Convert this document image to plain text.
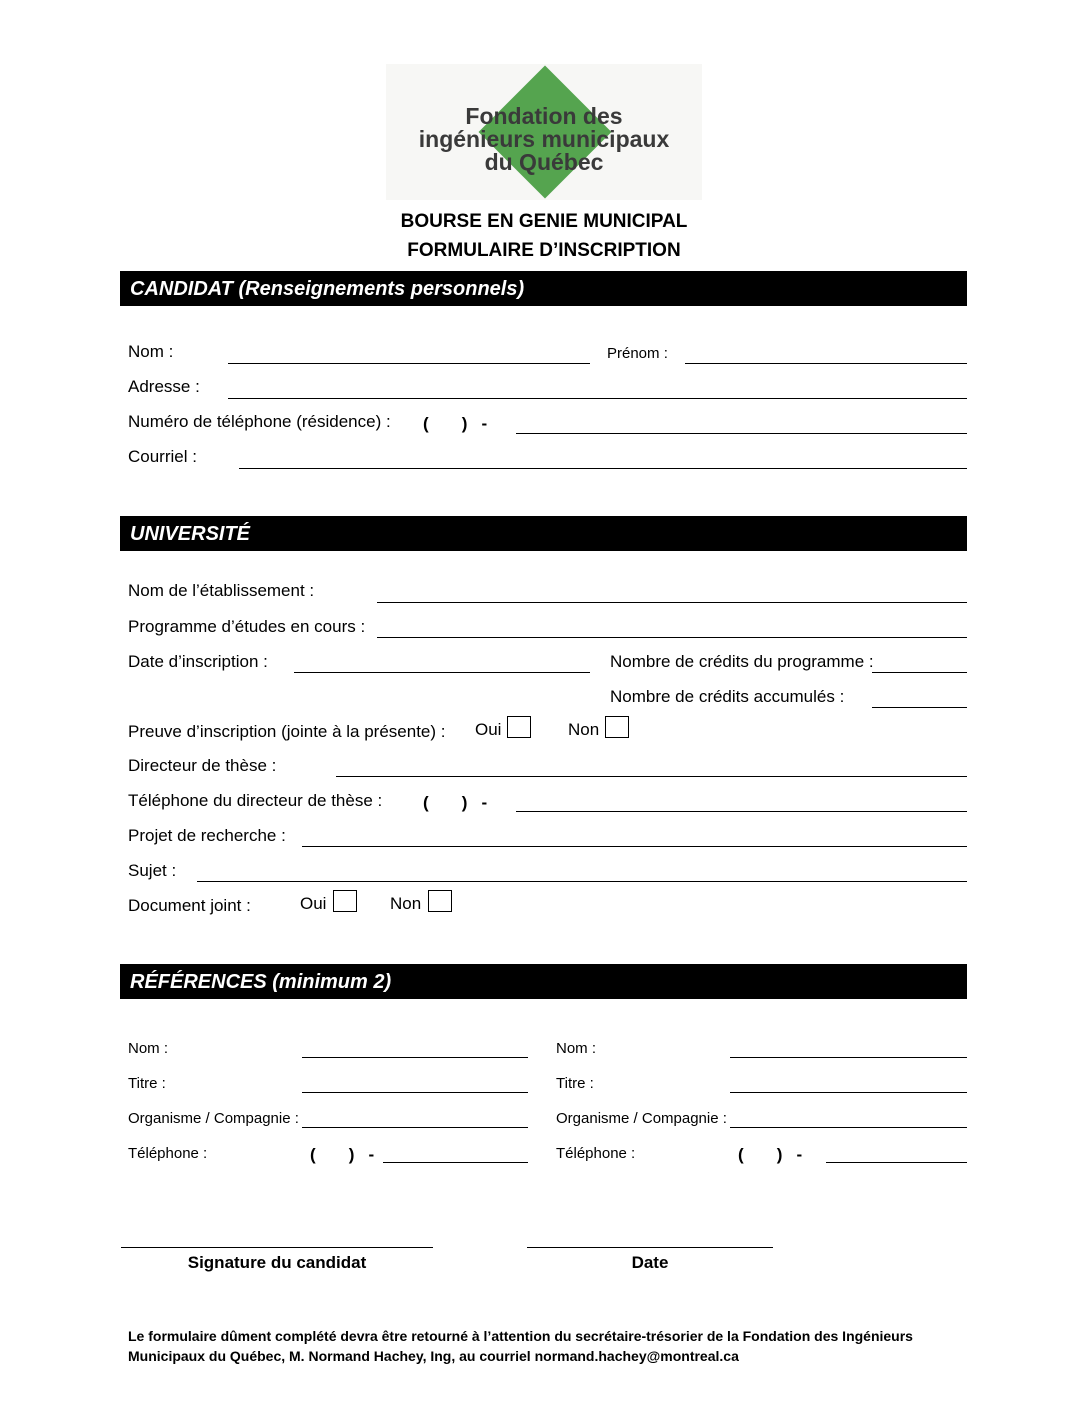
Fondation des
ingénieurs municipaux
du Québec
BOURSE EN GENIE MUNICIPAL
FORMULAIRE D’INSCRIPTION
CANDIDAT (Renseignements personnels)
Nom :	Prénom :
Adresse :
Numéro de téléphone (résidence) : (       )   -
Courriel :
UNIVERSITÉ
Nom de l’établissement :
Programme d’études en cours :
Date d’inscription :	Nombre de crédits du programme :
Nombre de crédits accumulés :
Preuve d’inscription (jointe à la présente) : Oui	Non
Directeur de thèse :
Téléphone du directeur de thèse : (       )   -
Projet de recherche :
Sujet :
Document joint :	Oui	Non
RÉFÉRENCES (minimum 2)
Nom :
Titre :
Organisme / Compagnie :
Téléphone :	(       )   -
Nom :
Titre :
Organisme / Compagnie :
Téléphone :	(       )   -
Signature du candidat	Date
Le formulaire dûment complété devra être retourné à l’attention du secrétaire-trésorier de la Fondation des Ingénieurs
Municipaux du Québec, M. Normand Hachey, Ing, au courriel normand.hachey@montreal.ca
